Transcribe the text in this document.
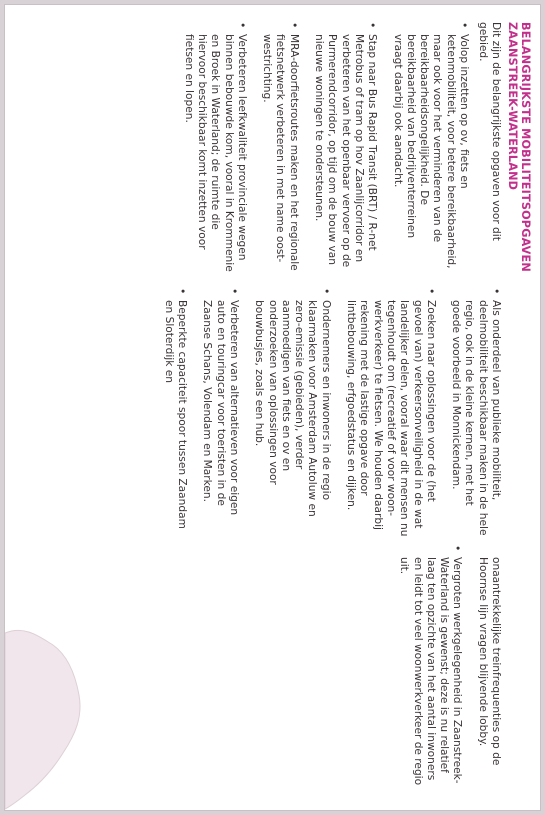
BELANGRIJKSTE MOBILITEITSOPGAVEN
ZAANSTREEK-WATERLAND
Dit zijn de belangrijkste opgaven voor dit gebied.
• Volop inzetten op ov, fiets en ketenmobiliteit, voor betere bereikbaarheid, maar ook voor het verminderen van de bereikbaarheidsongelijkheid. De bereikbaarheid van bedrijventerreinen vraagt daarbij ook aandacht.
• Stap naar Bus Rapid Transit (BRT) / R-net Metrobus of tram op hov Zaanlijcorridor en verbeteren van het openbaar vervoer op de Purmerendcorridor, op tijd om de bouw van nieuwe woningen te ondersteunen.
• MRA-doorfietsroutes maken en het regionale fietsnetwerk verbeteren in met name oost-westrichting.
• Verbeteren leefkwaliteit provinciale wegen binnen bebouwde kom, vooral in Krommenie en Broek in Waterland; de ruimte die hiervoor beschikbaar komt inzetten voor fietsen en lopen.
• Als onderdeel van publieke mobiliteit, deelmobiliteit beschikbaar maken in de hele regio, ook in de kleine kernen, met het goede voorbeeld in Monnickendam.
• Zoeken naar oplossingen voor de (het gevoel van) verkeersonveiligheid in de wat landelijker delen, vooral waar dit mensen nu tegenhoudt om (recreatief of voor woon-werkverkeer) te fietsen. We houden daarbij rekening met de lastige opgave door lintbebouwing, erfgoedstatus en dijken.
• Ondernemers en inwoners in de regio klaarmaken voor Amsterdam Autoluw en zero-emissie (gebieden), verder aanmoedigen van fiets en ov en onderzoeken van oplossingen voor bouwbusjes, zoals een hub.
• Verbeteren van alternatieven voor eigen auto en touringcar voor toeristen in de Zaanse Schans, Volendam en Marken.
• Beperkte capaciteit spoor tussen Zaandam en Sloterdijk en
onaantrekkelijke treinfrequenties op de Hoornse lijn vragen blijvende lobby.
• Vergroten werkgelegenheid in Zaanstreek-Waterland is gewenst; deze is nu relatief laag ten opzichte van het aantal inwoners en leidt tot veel woonwerkverkeer de regio uit.
